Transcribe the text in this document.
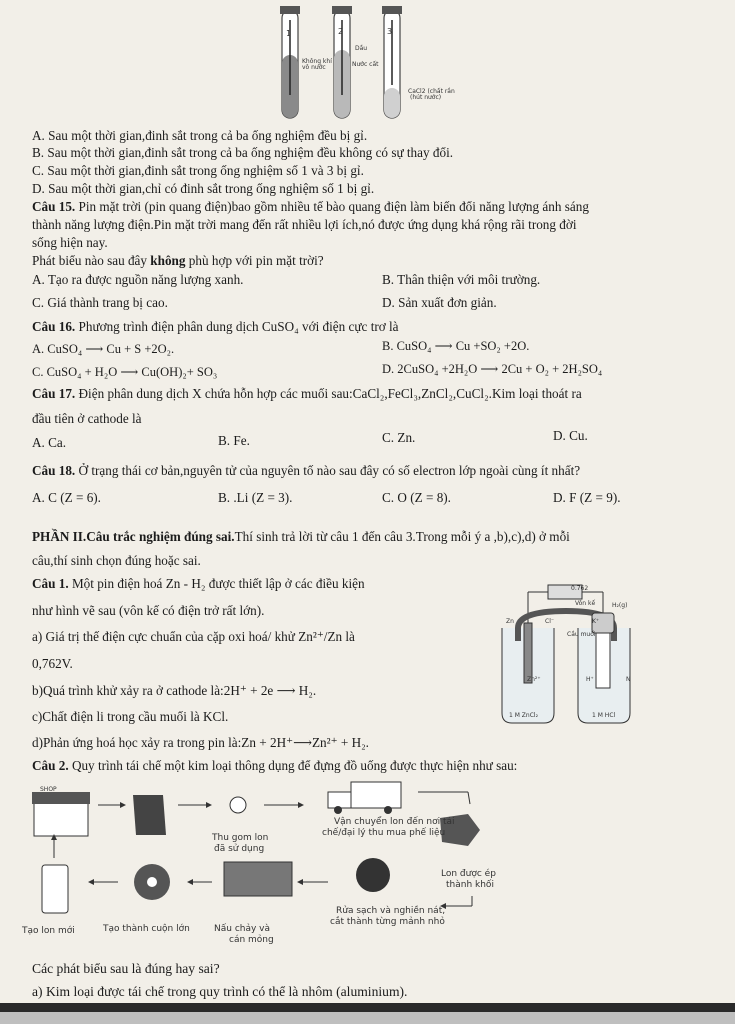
1	2	3
Dầu
Không khí
vô nước	Nước cất
CaCl2 (chất rắn
(hút nước)
A. Sau một thời gian,đinh sắt trong cả ba ống nghiệm đều bị gỉ.
B. Sau một thời gian,đinh sắt trong cả ba ống nghiệm đều không có sự thay đổi.
C. Sau một thời gian,đinh sắt trong ống nghiệm số 1 và 3 bị gỉ.
D. Sau một thời gian,chỉ có đinh sắt trong ống nghiệm số 1 bị gỉ.
Câu 15. Pin mặt trời (pin quang điện)bao gồm nhiều tế bào quang điện làm biến đổi năng lượng ánh sáng
thành năng lượng điện.Pin mặt trời mang đến rất nhiều lợi ích,nó được ứng dụng khá rộng rãi trong đời
sống hiện nay.
Phát biểu nào sau đây không phù hợp với pin mặt trời?
A. Tạo ra được nguồn năng lượng xanh.	B. Thân thiện với môi trường.
C. Giá thành trang bị cao.	D. Sản xuất đơn giản.
Câu 16. Phương trình điện phân dung dịch CuSO₄ với điện cực trơ là
A. CuSO₄ ⟶ Cu + S +2O₂.	B. CuSO₄ ⟶ Cu +SO₂ +2O.
C. CuSO₄ + H₂O ⟶ Cu(OH)₂+ SO₃	D. 2CuSO₄ +2H₂O ⟶ 2Cu + O₂ + 2H₂SO₄
Câu 17. Điện phân dung dịch X chứa hỗn hợp các muối sau:CaCl₂,FeCl₃,ZnCl₂,CuCl₂.Kim loại thoát ra
đầu tiên ở cathode là
A. Ca.	B. Fe.	C. Zn.	D. Cu.
Câu 18. Ở trạng thái cơ bản,nguyên tử của nguyên tố nào sau đây có số electron lớp ngoài cùng ít nhất?
A. C (Z = 6).	B. .Li (Z = 3).	C. O (Z = 8).	D. F (Z = 9).
PHẦN II.Câu trắc nghiệm đúng sai.Thí sinh trả lời từ câu 1 đến câu 3.Trong mỗi ý a ,b),c),d) ở mỗi
câu,thí sinh chọn đúng hoặc sai.
Câu 1. Một pin điện hoá Zn - H₂ được thiết lập ở các điều kiện
như hình vẽ sau (vôn kế có điện trở rất lớn).
a) Giá trị thế điện cực chuẩn của cặp oxi hoá/ khử Zn²⁺/Zn là
0,762V.
b)Quá trình khử xảy ra ở cathode là:2H⁺ + 2e ⟶ H₂.
c)Chất điện li trong cầu muối là KCl.
d)Phản ứng hoá học xảy ra trong pin là:Zn + 2H⁺⟶Zn²⁺ + H₂.
0.762
Vôn kế	H₂(g)
Zn	Cl⁻	K⁺
Cầu muối
Zn²⁺	H⁺	N
1 M ZnCl₂	1 M HCl
Câu 2. Quy trình tái chế một kim loại thông dụng để đựng đồ uống được thực hiện như sau:
SHOP
Vận chuyển lon đến nơi tái
chế/đại lý thu mua phế liệu
Thu gom lon
đã sử dụng
Lon được ép
thành khối
Rửa sạch và nghiền nát,
cắt thành từng mảnh nhỏ
Nấu chảy và
cán mỏng
Tạo thành cuộn lớn
Tạo lon mới
Các phát biểu sau là đúng hay sai?
a) Kim loại được tái chế trong quy trình có thể là nhôm (aluminium).
